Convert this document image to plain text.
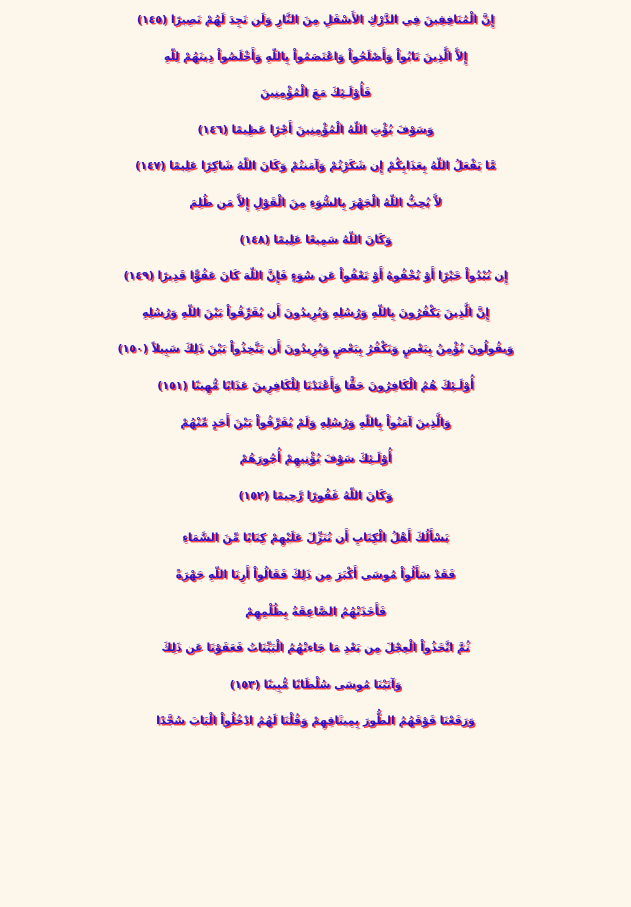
إِنَّ الْمُنَافِقِينَ فِي الدَّرْكِ الأَسْفَلِ مِنَ النَّارِ وَلَن تَجِدَ لَهُمْ نَصِيرًا (١٤٥)
إِلاَّ الَّذِينَ تَابُواْ وَأَصْلَحُواْ وَاعْتَصَمُواْ بِاللّهِ وَأَخْلَصُواْ دِينَهُمْ لِلّهِ
فَأُوْلَـئِكَ مَعَ الْمُؤْمِنِينَ
وَسَوْفَ يُؤْتِ اللّهُ الْمُؤْمِنِينَ أَجْرًا عَظِيمًا (١٤٦)
مَّا يَفْعَلُ اللّهُ بِعَذَابِكُمْ إِن شَكَرْتُمْ وَآمَنتُمْ وَكَانَ اللّهُ شَاكِرًا عَلِيمًا (١٤٧)
لاَّ يُحِبُّ اللّهُ الْجَهْرَ بِالسُّوَءِ مِنَ الْقَوْلِ إِلاَّ مَن ظُلِمَ
وَكَانَ اللّهُ سَمِيعًا عَلِيمًا (١٤٨)
إِن تُبْدُواْ خَيْرًا أَوْ تُخْفُوهُ أَوْ تَعْفُواْ عَن سُوَءٍ فَإِنَّ اللّهَ كَانَ عَفُوًّا قَدِيرًا (١٤٩)
إِنَّ الَّذِينَ يَكْفُرُونَ بِاللّهِ وَرُسُلِهِ وَيُرِيدُونَ أَن يُفَرِّقُواْ بَيْنَ اللّهِ وَرُسُلِهِ
وَيقُولُونَ نُؤْمِنُ بِبَعْضٍ وَنَكْفُرُ بِبَعْضٍ وَيُرِيدُونَ أَن يَتَّخِذُواْ بَيْنَ ذَلِكَ سَبِيلاً (١٥٠)
أُوْلَـئِكَ هُمُ الْكَافِرُونَ حَقًّا وَأَعْتَدْنَا لِلْكَافِرِينَ عَذَابًا مُّهِينًا (١٥١)
وَالَّذِينَ آمَنُواْ بِاللّهِ وَرُسُلِهِ وَلَمْ يُفَرِّقُواْ بَيْنَ أَحَدٍ مِّنْهُمْ
أُوْلَـئِكَ سَوْفَ يُؤْتِيهِمْ أُجُورَهُمْ
وَكَانَ اللّهُ غَفُورًا رَّحِيمًا (١٥٢)
يَسْأَلُكَ أَهْلُ الْكِتَابِ أَن تُنَزِّلَ عَلَيْهِمْ كِتَابًا مِّنَ السَّمَاءِ
فَقَدْ سَأَلُواْ مُوسَى أَكْبَرَ مِن ذَلِكَ فَقَالُواْ أَرِنَا اللّهِ جَهْرَةً
فَأَخَذَتْهُمُ الصَّاعِقَةُ بِظُلْمِهِمْ
ثُمَّ اتَّخَذُواْ الْعِجْلَ مِن بَعْدِ مَا جَاءتْهُمُ الْبَيِّنَاتُ فَعَفَوْنَا عَن ذَلِكَ
وَآتَيْنَا مُوسَى سُلْطَانًا مُّبِينًا (١٥٣)
وَرَفَعْنَا فَوْقَهُمُ الطُّورَ بِمِيثَاقِهِمْ وَقُلْنَا لَهُمُ ادْخُلُواْ الْبَابَ سُجَّدًا
